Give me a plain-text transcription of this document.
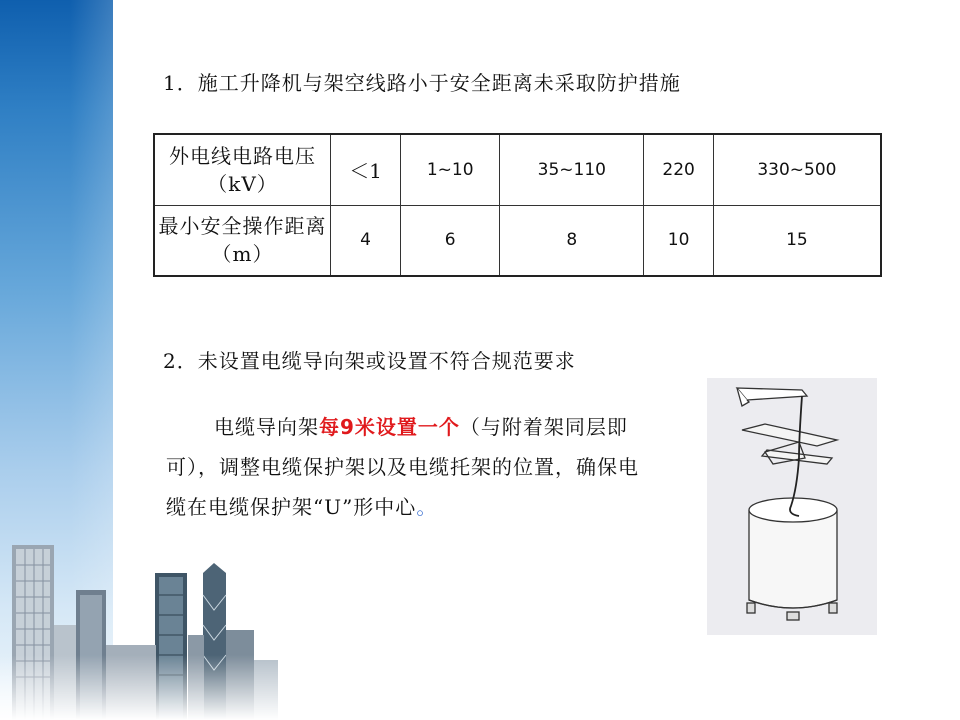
1．施工升降机与架空线路小于安全距离未采取防护措施
外电线电路电压（kV）	＜1	1~10	35~110	220	330~500
最小安全操作距离（m）	4	6	8	10	15
2．未设置电缆导向架或设置不符合规范要求
电缆导向架每9米设置一个（与附着架同层即可），调整电缆保护架以及电缆托架的位置，确保电缆在电缆保护架“U”形中心。
